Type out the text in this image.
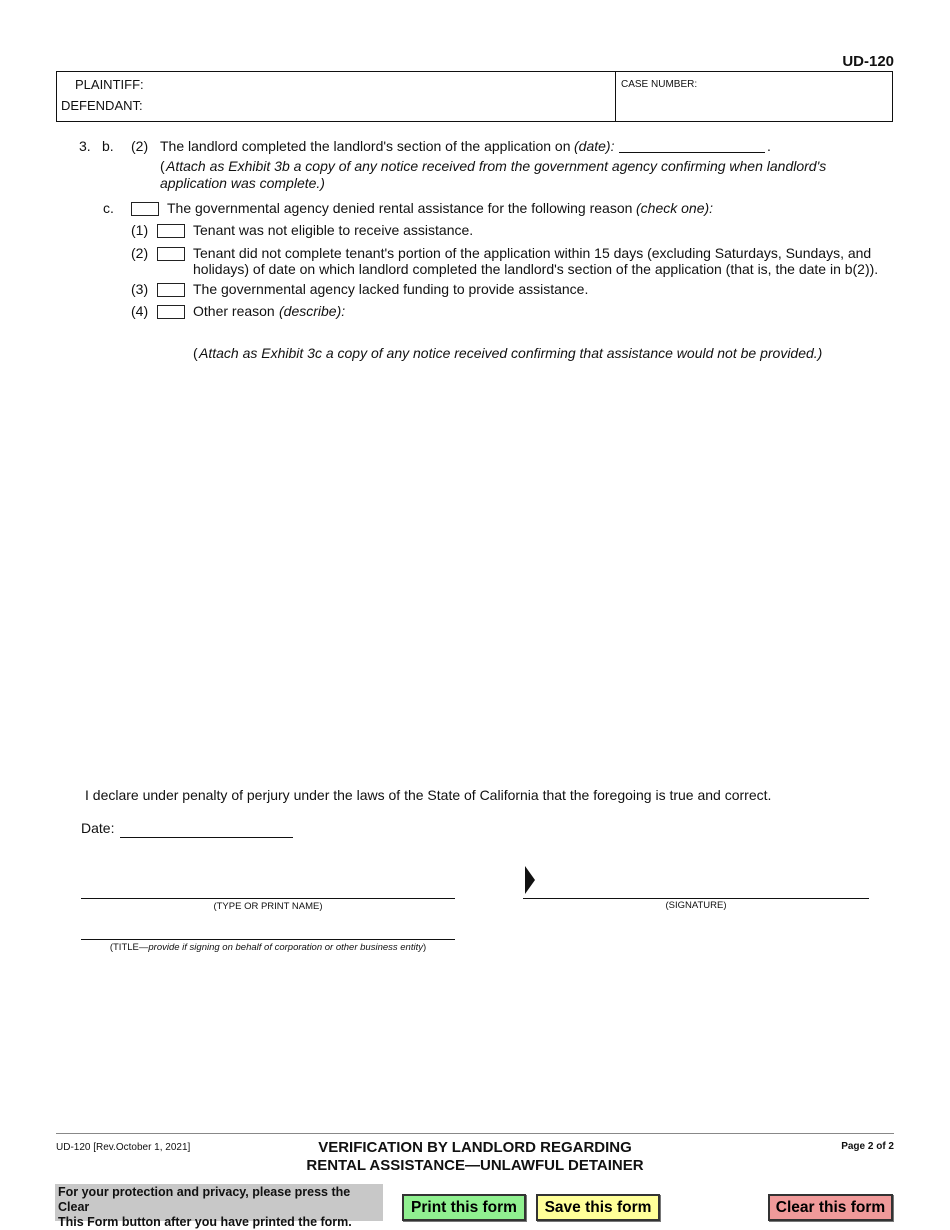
UD-120
PLAINTIFF:
DEFENDANT:
CASE NUMBER:
3. b. (2) The landlord completed the landlord's section of the application on (date):	.
( Attach as Exhibit 3b a copy of any notice received from the government agency confirming when landlord's
application was complete.)
c.	The governmental agency denied rental assistance for the following reason (check one):
(1)	Tenant was not eligible to receive assistance.
(2)	Tenant did not complete tenant's portion of the application within 15 days (excluding Saturdays, Sundays, and
holidays) of date on which landlord completed the landlord's section of the application (that is, the date in b(2)).
(3)	The governmental agency lacked funding to provide assistance.
(4)	Other reason (describe):
( Attach as Exhibit 3c a copy of any notice received confirming that assistance would not be provided.)
I declare under penalty of perjury under the laws of the State of California that the foregoing is true and correct.
Date:
(TYPE OR PRINT NAME)	(SIGNATURE)
(TITLE—provide if signing on behalf of corporation or other business entity)
UD-120 [Rev.October 1, 2021]	VERIFICATION BY LANDLORD REGARDING
RENTAL ASSISTANCE—UNLAWFUL DETAINER
Page 2 of 2
For your protection and privacy, please press the Clear
This Form button after you have printed the form.
Print this form	Save this form	Clear this form
